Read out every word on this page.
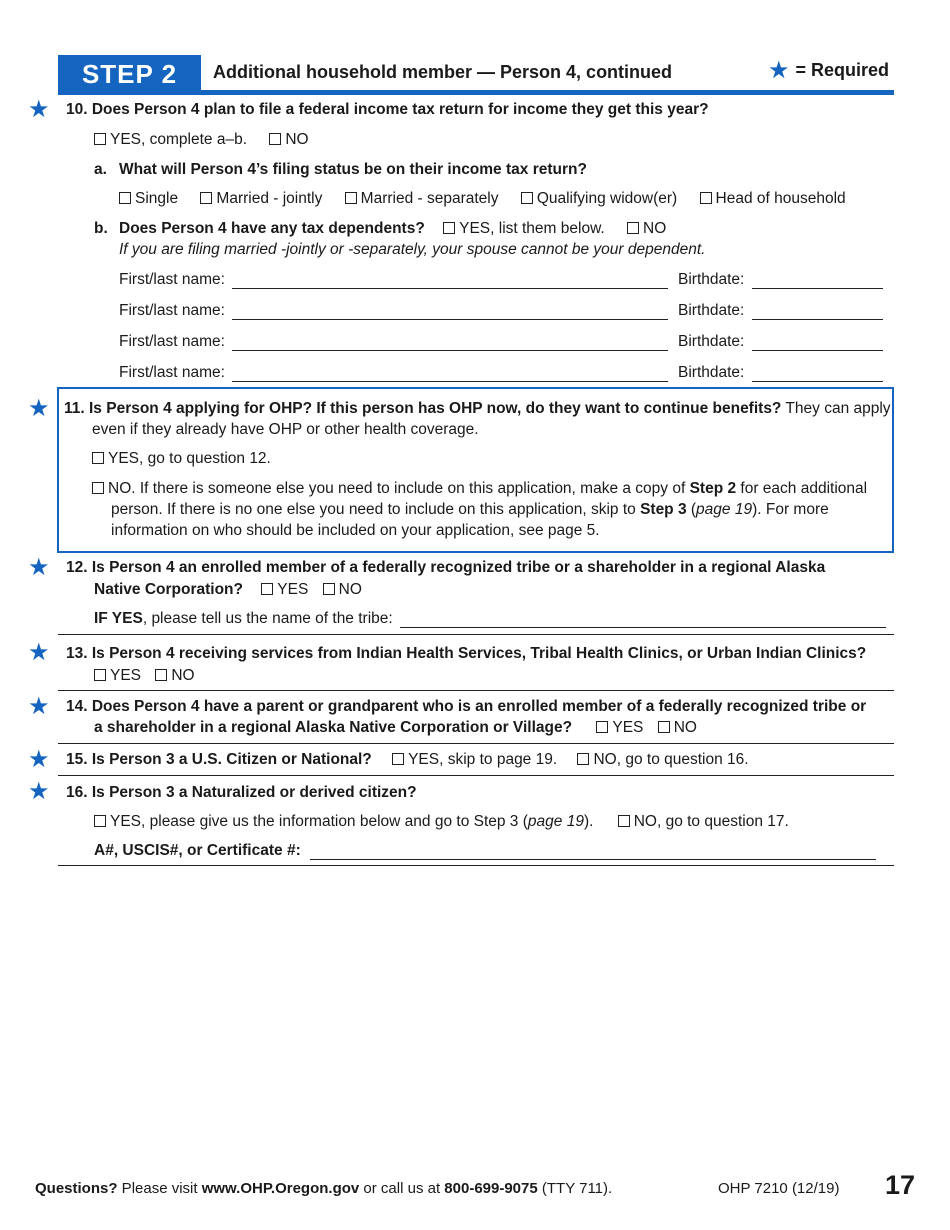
STEP 2	Additional household member — Person 4, continued	★ = Required
★ 10. Does Person 4 plan to file a federal income tax return for income they get this year?
YES, complete a–b. NO
a. What will Person 4’s filing status be on their income tax return?
Single Married - jointly Married - separately Qualifying widow(er) Head of household
b. Does Person 4 have any tax dependents? YES, list them below. NO
If you are filing married -jointly or -separately, your spouse cannot be your dependent.
First/last name:	Birthdate:
First/last name:	Birthdate:
First/last name:	Birthdate:
First/last name:	Birthdate:
★ 11. Is Person 4 applying for OHP? If this person has OHP now, do they want to continue benefits? They can apply
even if they already have OHP or other health coverage.
YES, go to question 12.
NO. If there is someone else you need to include on this application, make a copy of Step 2 for each additional
person. If there is no one else you need to include on this application, skip to Step 3 (page 19). For more
information on who should be included on your application, see page 5.
★ 12. Is Person 4 an enrolled member of a federally recognized tribe or a shareholder in a regional Alaska
Native Corporation? YES NO
IF YES, please tell us the name of the tribe:
★ 13. Is Person 4 receiving services from Indian Health Services, Tribal Health Clinics, or Urban Indian Clinics?
YES NO
★ 14. Does Person 4 have a parent or grandparent who is an enrolled member of a federally recognized tribe or
a shareholder in a regional Alaska Native Corporation or Village?	YES NO
★ 15. Is Person 3 a U.S. Citizen or National? YES, skip to page 19. NO, go to question 16.
★ 16. Is Person 3 a Naturalized or derived citizen?
YES, please give us the information below and go to Step 3 (page 19).	NO, go to question 17.
A#, USCIS#, or Certificate #:
Questions? Please visit www.OHP.Oregon.gov or call us at 800-699-9075 (TTY 711).	OHP 7210 (12/19) 17
